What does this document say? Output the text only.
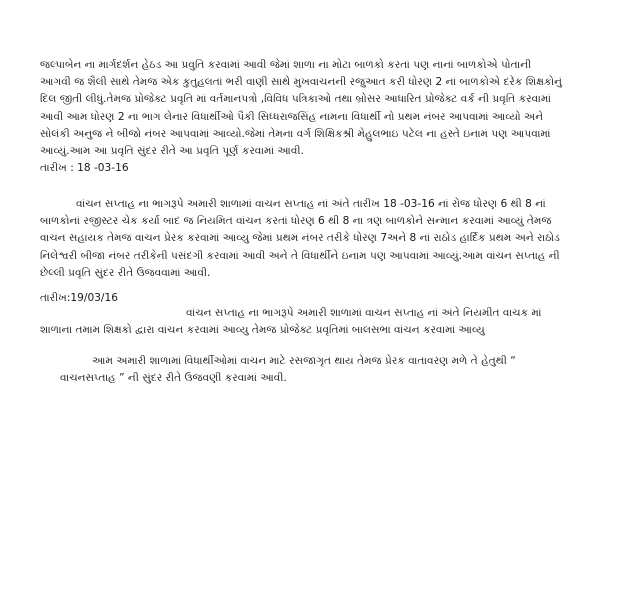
જલ્પાબેન ના માર્ગદર્શન હેઠડ આ પ્રવુતિ કરવામાં આવી જેમાં શાળા ના મોટા બાળકો કરતાં પણ નાનાં બાળકોએ પોતાની
આગવી જ શૈલી સાથે તેમજ એક કુતુહલતાં ભરી વાણી સાથે મુખવાચનની રજુઆત કરી ધોરણ 2 નાં બાળકોએ દરેક શિક્ષકોનું
દિલ જીતી લીધું.તેમજ પ્રોજેક્ટ પ્રવૃતિ માં વર્તમાનપત્રો ,વિવિધ પત્રિકાઓ તથા બ્રોસર આધારિત પ્રોજેક્ટ વર્ક ની પ્રવૃતિ કરવામાં
આવી આમ ધોરણ 2 ના ભાગ લેનાર વિધાર્થીઓ પૈકી સિધ્ધરાજસિંહ નામના વિધાર્થી નો પ્રથમ નંબર આપવામાં આવ્યો અને
સોલંકી અનુજ ને બીજો નંબર આપવામાં આવ્યો.જેમાં તેમના વર્ગ શિક્ષિકશ્રી મેહુલભાઇ પટેલ ના હસ્તે ઇનામ પણ આપવામાં
આવ્યું.આમ આ પ્રવૃતિ સુંદર રીતે આ પ્રવૃતિ પૂર્ણ કરવામાં આવી.
તારીખ : 18 -03-16
વાંચન સપ્તાહ ના ભાગરૂપે અમારી શાળામાં વાચન સપ્તાહ નાં અંતે તારીખ 18 -03-16 નાં રોજ ધોરણ 6 થી 8 નાં
બાળકોનાં રજીસ્ટર ચેક કર્યા બાદ જ નિયમિત વાંચન કરતાં ધોરણ 6 થી 8 ના ત્રણ બાળકોને સન્માન કરવામાં આવ્યું તેમજ
વાચન સહાયક તેમજ વાચન પ્રેરક કરવામાં આવ્યુ જેમાં પ્રથમ નંબર તરીકે ધોરણ 7અને 8 નાં રાઠોડ હાર્દિક પ્રથમ અને રાઠોડ
નિલેશ્વરી બીજા નંબર તરીકેની પસંદગી કરવામાં આવી અને તે વિધાર્થીને ઇનામ પણ આપવામાં આવ્યું.આમ વાંચન સપ્તાહ ની
છેલ્લી પ્રવૃતિ સુંદર રીતે ઉજવવામાં આવી.
તારીખ:19/03/16
વાંચન સપ્તાહ ના ભાગરૂપે અમારી શાળામાં વાચન સપ્તાહ નાં અંતે નિયમીત વાચક માં
શાળાના તમામ શિક્ષકો દ્વારા વાંચન કરવામાં આવ્યુ તેમજ પ્રોજેક્ટ પ્રવૃતિમાં બાલસભા વાંચન કરવામાં આવ્યુ
આમ અમારી શાળામાં વિધાર્થીઓમાં વાચન માટે રસજાગૃત થાય તેમજ પ્રેરક વાતાવરણ મળે તે હેતુથી “
વાચનસપ્તાહ ” ની સુંદર રીતે ઉજવણી કરવામાં આવી.
